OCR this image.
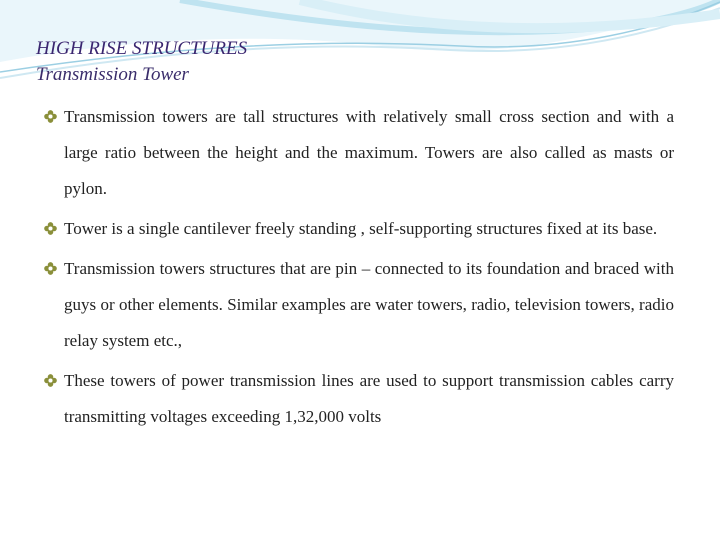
HIGH RISE STRUCTURES
Transmission Tower
Transmission towers are tall structures with relatively small cross section and with a large ratio between the height and the maximum. Towers are also called as masts or pylon.
Tower is a single cantilever freely standing , self-supporting structures fixed at its base.
Transmission towers structures that are pin – connected to its foundation and braced with guys or other elements. Similar examples are water towers, radio, television towers, radio relay system etc.,
These towers of power transmission lines are used to support transmission cables carry transmitting voltages exceeding 1,32,000 volts
